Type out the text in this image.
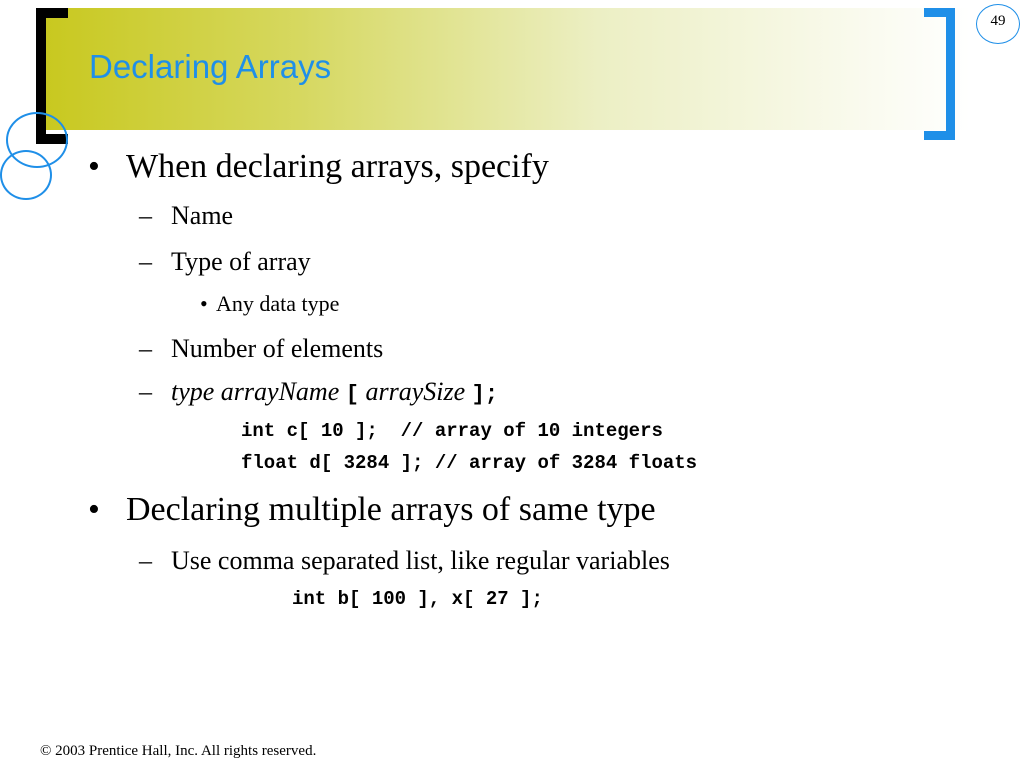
49
Declaring Arrays
• When declaring arrays, specify
– Name
– Type of array
• Any data type
– Number of elements
– type arrayName [ arraySize ];
int c[ 10 ];  // array of 10 integers
float d[ 3284 ]; // array of 3284 floats
• Declaring multiple arrays of same type
– Use comma separated list, like regular variables
int b[ 100 ], x[ 27 ];
© 2003 Prentice Hall, Inc. All rights reserved.
